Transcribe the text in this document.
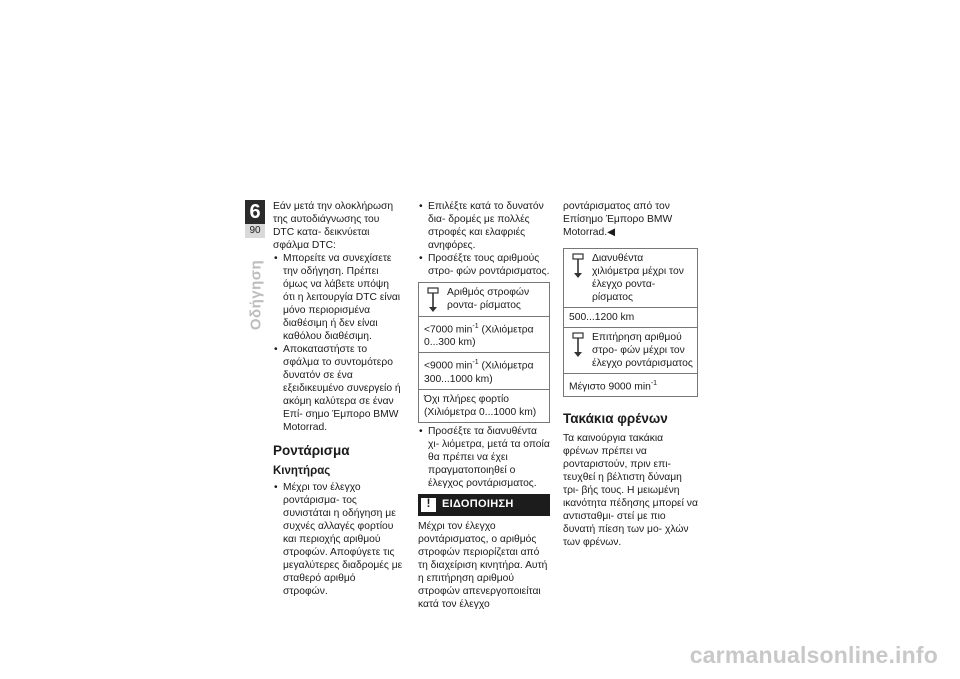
6
90
Οδήγηση

Εάν μετά την ολοκλήρωση της αυτοδιάγνωσης του DTC κατα- δεικνύεται σφάλμα DTC:

• Μπορείτε να συνεχίσετε την οδήγηση. Πρέπει όμως να λάβετε υπόψη ότι η λειτουργία DTC είναι μόνο περιορισμένα διαθέσιμη ή δεν είναι καθόλου διαθέσιμη.
• Αποκαταστήστε το σφάλμα το συντομότερο δυνατόν σε ένα εξειδικευμένο συνεργείο ή ακόμη καλύτερα σε έναν Επί- σημο Έμπορο BMW Motorrad.
Ροντάρισμα
Κινητήρας
• Μέχρι τον έλεγχο ροντάρισμα- τος συνιστάται η οδήγηση με συχνές αλλαγές φορτίου και περιοχής αριθμού στροφών. Αποφύγετε τις μεγαλύτερες διαδρομές με σταθερό αριθμό στροφών.
• Επιλέξτε κατά το δυνατόν δια- δρομές με πολλές στροφές και ελαφριές ανηφόρες.
• Προσέξτε τους αριθμούς στρο- φών ροντάρισματος.
Αριθμός στροφών ροντα- ρίσματος

<7000 $\min^{-1} (X\iota\lambda\iota ό\mu\varepsilon\tau\rho\alpha$ 0...300 km)
<9000 $\min^{-1} (X\iota\lambda\iota ό\mu\varepsilon\tau\rho\alpha$ 300...1000 km)
Όχι πλήρες φορτίο (Χιλιόμετρα 0...1000 km)
• Προσέξτε τα διανυθέντα χι- λιόμετρα, μετά τα οποία θα πρέπει να έχει πραγματοποιηθεί ο έλεγχος ροντάρισματος.
!
ΕΙΔΟΠΟΙΗΣΗ

Μέχρι τον έλεγχο ροντάρισματος, ο αριθμός στροφών περιορίζεται από τη διαχείριση κινητήρα. Αυτή η επιτήρηση αριθμού στροφών απενεργοποιείται κατά τον έλεγχο

ροντάρισματος από τον Επίσημο Έμπορο BMW Motorrad.◀

Διανυθέντα χιλιόμετρα μέχρι τον έλεγχο ροντα- ρίσματος

500...1200 km
Επιτήρηση αριθμού στρο- φών μέχρι τον έλεγχο ροντάρισματος

Μέγιστο 9000 $\min^{-1}$
Τακάκια φρένων

Τα καινούργια τακάκια φρένων πρέπει να ρονταριστούν, πριν επι- τευχθεί η βέλτιστη δύναμη τρι- βής τους. Η μειωμένη ικανότητα πέδησης μπορεί να αντισταθμι- στεί με πιο δυνατή πίεση των μο- χλών των φρένων.

carmanualsonline.info
